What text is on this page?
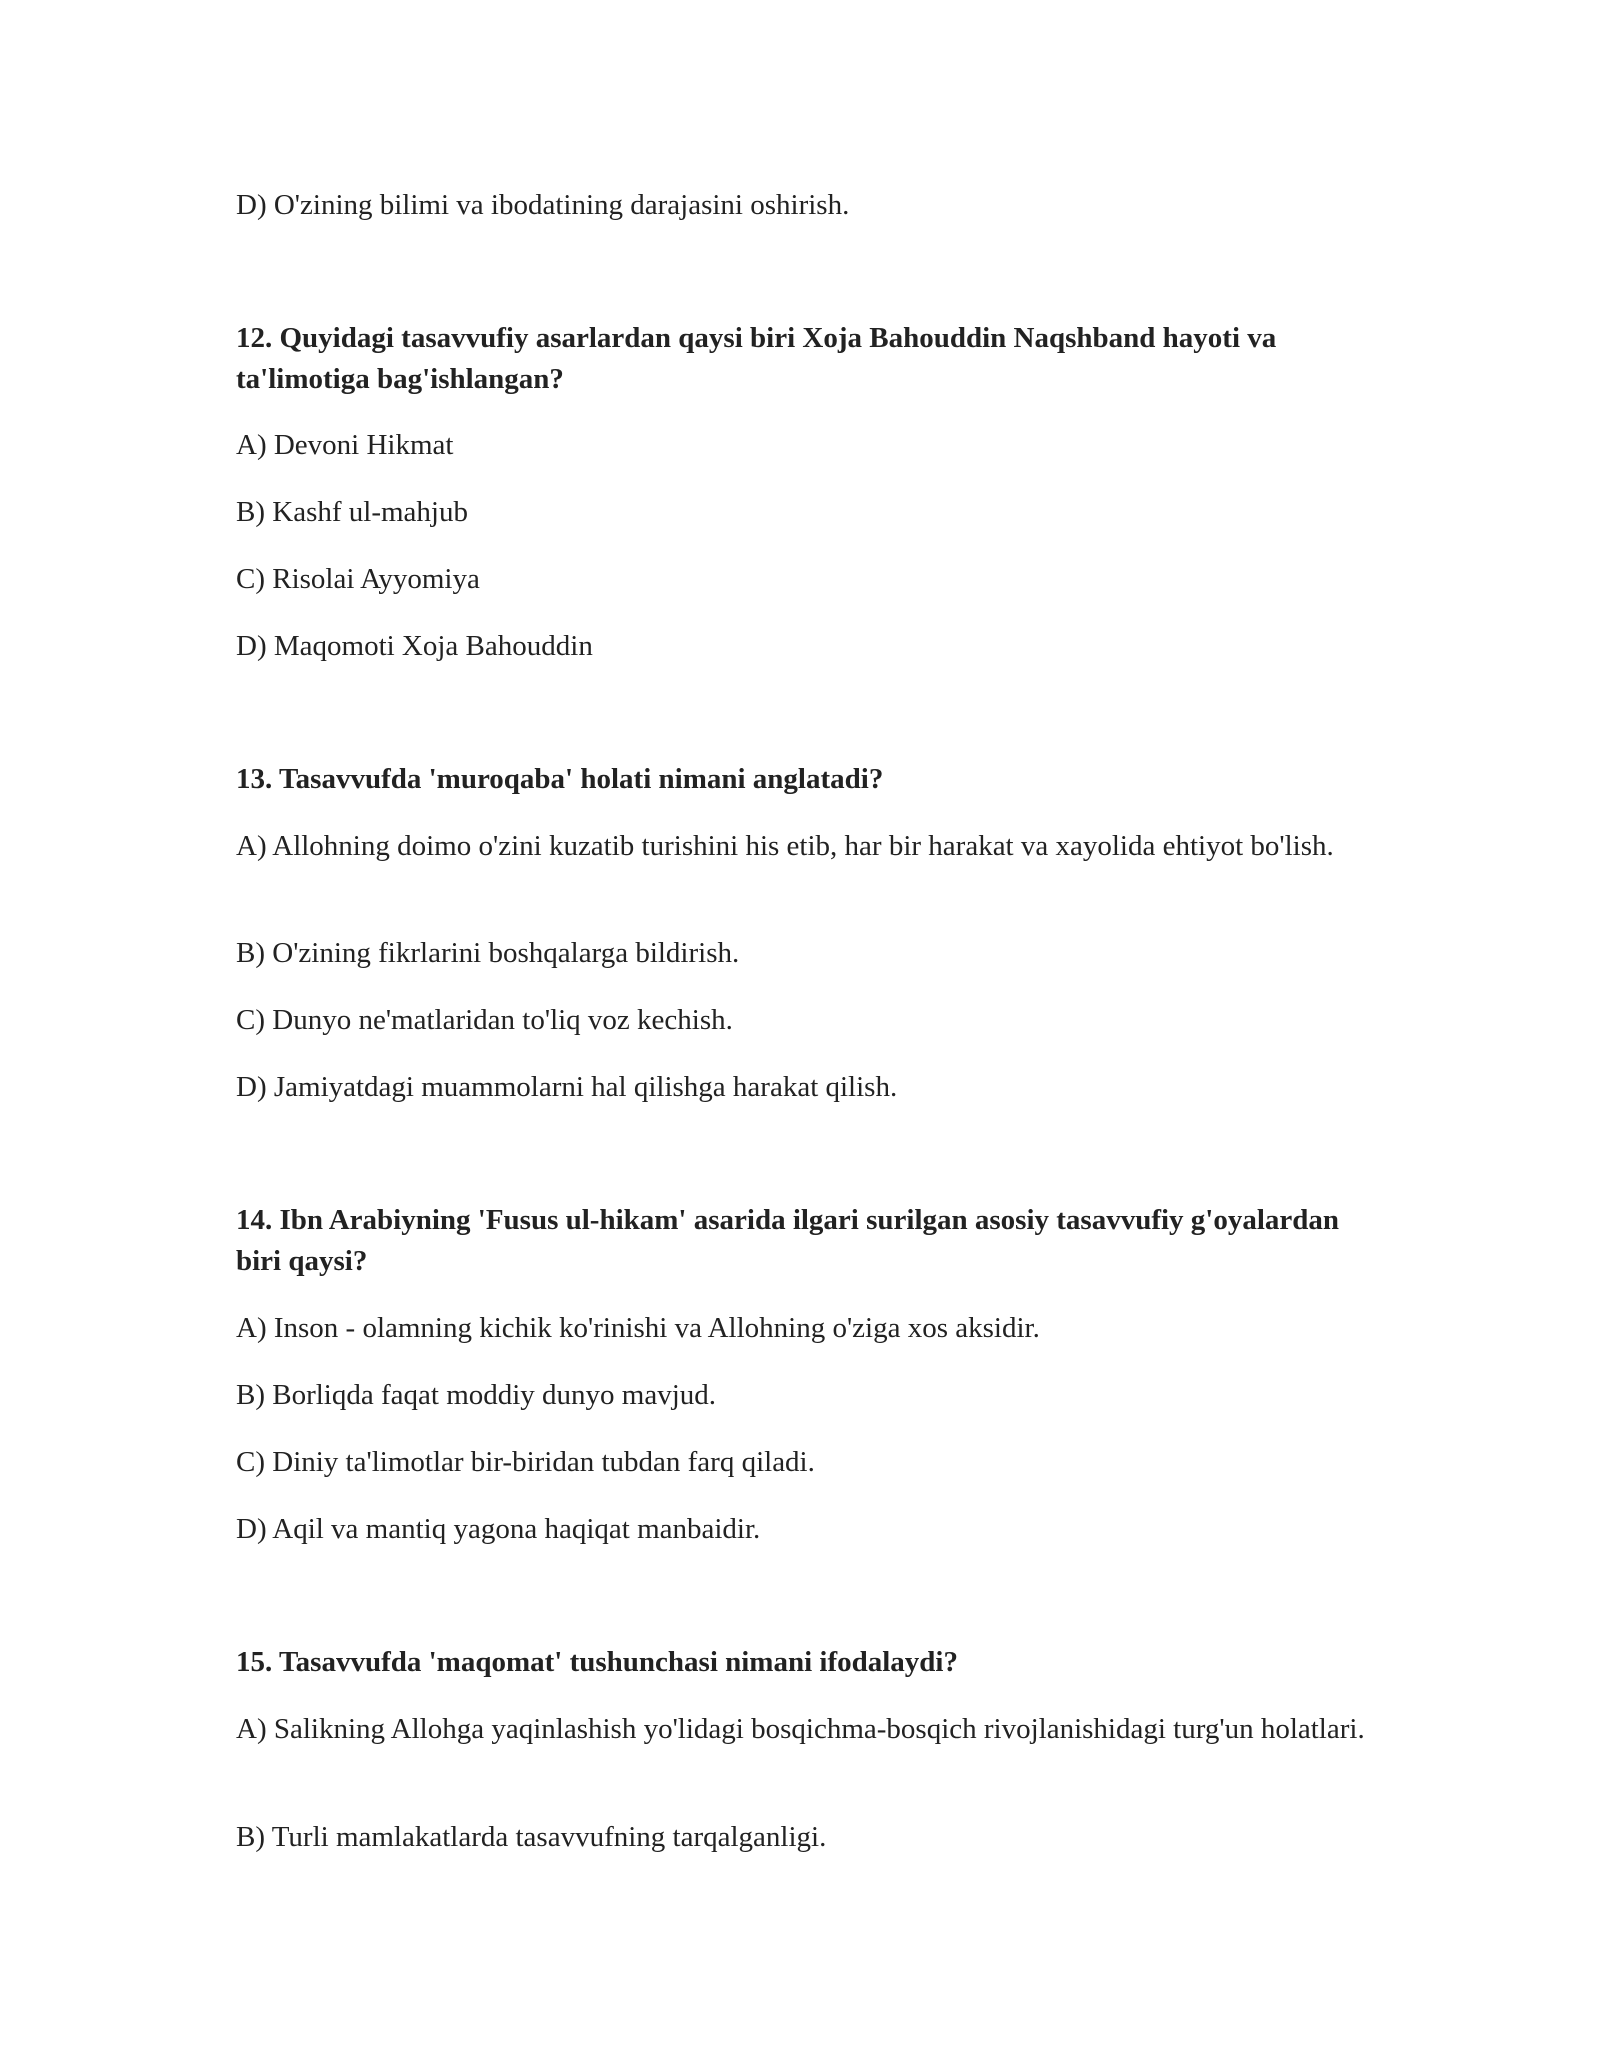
D) O'zining bilimi va ibodatining darajasini oshirish.
12. Quyidagi tasavvufiy asarlardan qaysi biri Xoja Bahouddin Naqshband hayoti va ta'limotiga bag'ishlangan?
A) Devoni Hikmat
B) Kashf ul-mahjub
C) Risolai Ayyomiya
D) Maqomoti Xoja Bahouddin
13. Tasavvufda 'muroqaba' holati nimani anglatadi?
A) Allohning doimo o'zini kuzatib turishini his etib, har bir harakat va xayolida ehtiyot bo'lish.
B) O'zining fikrlarini boshqalarga bildirish.
C) Dunyo ne'matlaridan to'liq voz kechish.
D) Jamiyatdagi muammolarni hal qilishga harakat qilish.
14. Ibn Arabiyning 'Fusus ul-hikam' asarida ilgari surilgan asosiy tasavvufiy g'oyalardan biri qaysi?
A) Inson - olamning kichik ko'rinishi va Allohning o'ziga xos aksidir.
B) Borliqda faqat moddiy dunyo mavjud.
C) Diniy ta'limotlar bir-biridan tubdan farq qiladi.
D) Aqil va mantiq yagona haqiqat manbaidir.
15. Tasavvufda 'maqomat' tushunchasi nimani ifodalaydi?
A) Salikning Allohga yaqinlashish yo'lidagi bosqichma-bosqich rivojlanishidagi turg'un holatlari.
B) Turli mamlakatlarda tasavvufning tarqalganligi.
